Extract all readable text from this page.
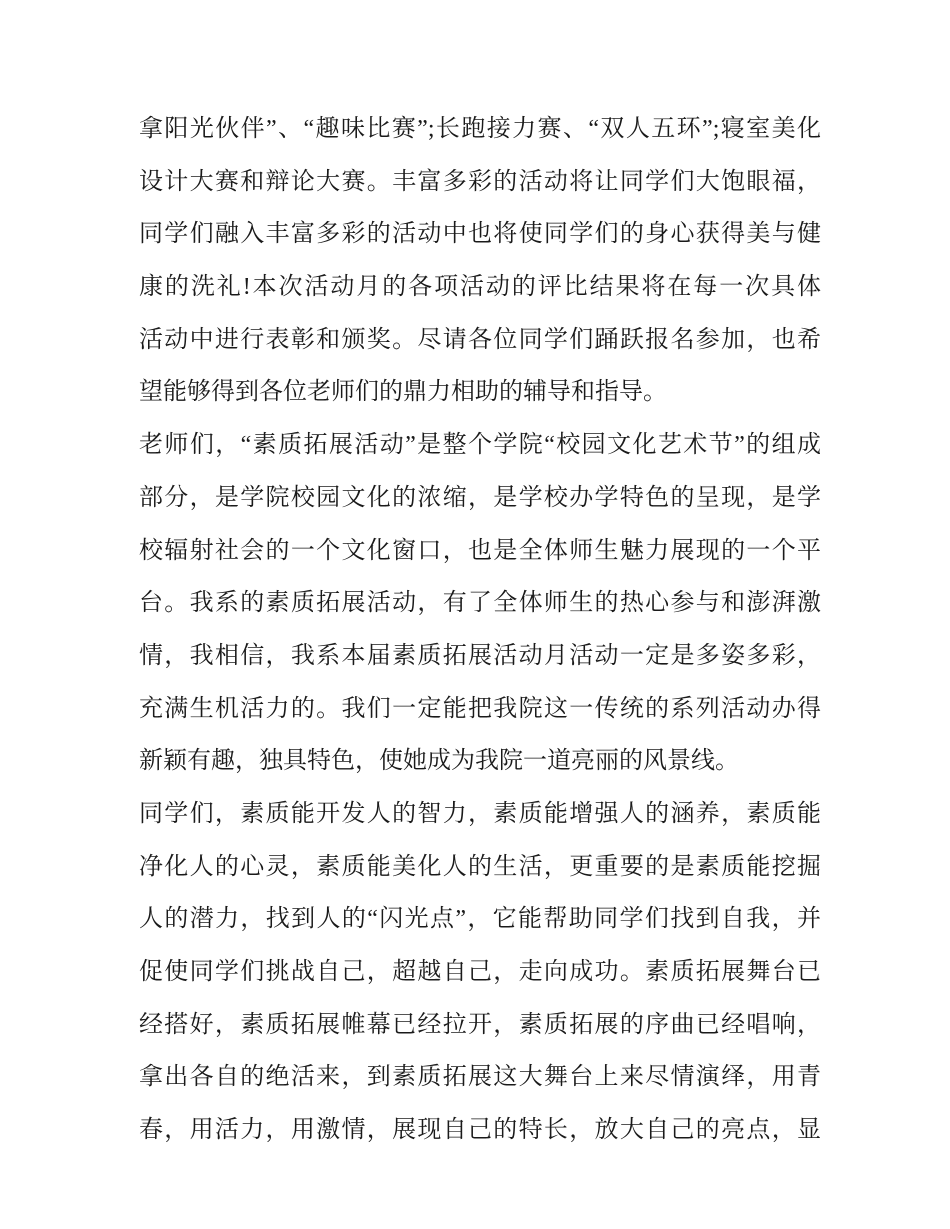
拿阳光伙伴”、“趣味比赛”;长跑接力赛、“双人五环”;寝室美化
设计大赛和辩论大赛。丰富多彩的活动将让同学们大饱眼福，
同学们融入丰富多彩的活动中也将使同学们的身心获得美与健
康的洗礼!本次活动月的各项活动的评比结果将在每一次具体
活动中进行表彰和颁奖。尽请各位同学们踊跃报名参加，也希
望能够得到各位老师们的鼎力相助的辅导和指导。
老师们，“素质拓展活动”是整个学院“校园文化艺术节”的组成
部分，是学院校园文化的浓缩，是学校办学特色的呈现，是学
校辐射社会的一个文化窗口，也是全体师生魅力展现的一个平
台。我系的素质拓展活动，有了全体师生的热心参与和澎湃激
情，我相信，我系本届素质拓展活动月活动一定是多姿多彩，
充满生机活力的。我们一定能把我院这一传统的系列活动办得
新颖有趣，独具特色，使她成为我院一道亮丽的风景线。
同学们，素质能开发人的智力，素质能增强人的涵养，素质能
净化人的心灵，素质能美化人的生活，更重要的是素质能挖掘
人的潜力，找到人的“闪光点”，它能帮助同学们找到自我，并
促使同学们挑战自己，超越自己，走向成功。素质拓展舞台已
经搭好，素质拓展帷幕已经拉开，素质拓展的序曲已经唱响，
拿出各自的绝活来，到素质拓展这大舞台上来尽情演绎，用青
春，用活力，用激情，展现自己的特长，放大自己的亮点，显
